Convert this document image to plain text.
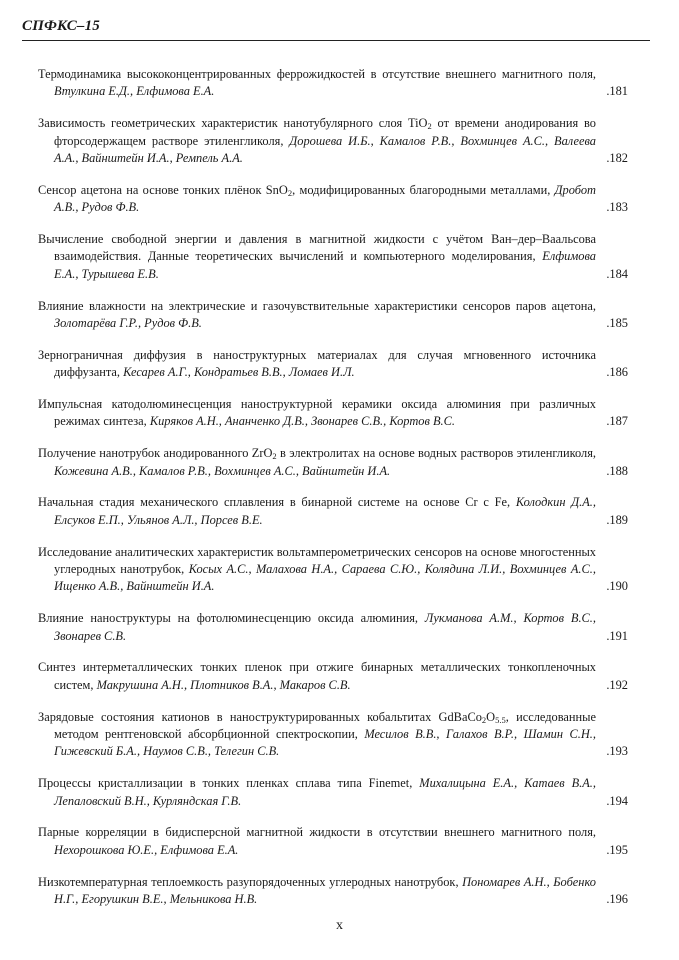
СПФКС–15
Термодинамика высококонцентрированных феррожидкостей в отсутствие внешнего магнитного поля, Втулкина Е.Д., Елфимова Е.А.	.181
Зависимость геометрических характеристик нанотубулярного слоя TiO$_2$ от времени анодирования во фторсодержащем растворе этиленгликоля, Дорошева И.Б., Камалов Р.В., Вохминцев А.С., Валеева А.А., Вайнштейн И.А., Ремпель А.А.	.182
Сенсор ацетона на основе тонких плёнок SnO$_2$, модифицированных благородными металлами, Дробот А.В., Рудов Ф.В.	.183
Вычисление свободной энергии и давления в магнитной жидкости с учётом Ван–дер–Ваальсова взаимодействия. Данные теоретических вычислений и компьютерного моделирования, Елфимова Е.А., Турышева Е.В.	.184
Влияние влажности на электрические и газочувствительные характеристики сенсоров паров ацетона, Золотарёва Г.Р., Рудов Ф.В.	.185
Зернограничная диффузия в наноструктурных материалах для случая мгновенного источника диффузанта, Кесарев А.Г., Кондратьев В.В., Ломаев И.Л.	.186
Импульсная катодолюминесценция наноструктурной керамики оксида алюминия при различных режимах синтеза, Киряков А.Н., Ананченко Д.В., Звонарев С.В., Кортов В.С.	.187
Получение нанотрубок анодированного ZrO$_2$ в электролитах на основе водных растворов этиленгликоля, Кожевина А.В., Камалов Р.В., Вохминцев А.С., Вайнштейн И.А.	.188
Начальная стадия механического сплавления в бинарной системе на основе Cr с Fe, Колодкин Д.А., Елсуков Е.П., Ульянов А.Л., Порсев В.Е.	.189
Исследование аналитических характеристик вольтамперометрических сенсоров на основе многостенных углеродных нанотрубок, Косых А.С., Малахова Н.А., Сараева С.Ю., Колядина Л.И., Вохминцев А.С., Ищенко А.В., Вайнштейн И.А.	.190
Влияние наноструктуры на фотолюминесценцию оксида алюминия, Лукманова А.М., Кортов В.С., Звонарев С.В.	.191
Синтез интерметаллических тонких пленок при отжиге бинарных металлических тонкопленочных систем, Макрушина А.Н., Плотников В.А., Макаров С.В.	.192
Зарядовые состояния катионов в наноструктурированных кобальтитах $GdBaCo_2O_{5.5}$, исследованные методом рентгеновской абсорбционной спектроскопии, Месилов В.В., Галахов В.Р., Шамин С.Н., Гижевский Б.А., Наумов С.В., Телегин С.В.	.193
Процессы кристаллизации в тонких пленках сплава типа Finemet, Михалицына Е.А., Катаев В.А., Лепаловский В.Н., Курляндская Г.В.	.194
Парные корреляции в бидисперсной магнитной жидкости в отсутствии внешнего магнитного поля, Нехорошкова Ю.Е., Елфимова Е.А.	.195
Низкотемпературная теплоемкость разупорядоченных углеродных нанотрубок, Пономарев А.Н., Бобенко Н.Г., Егорушкин В.Е., Мельникова Н.В.	.196
x
